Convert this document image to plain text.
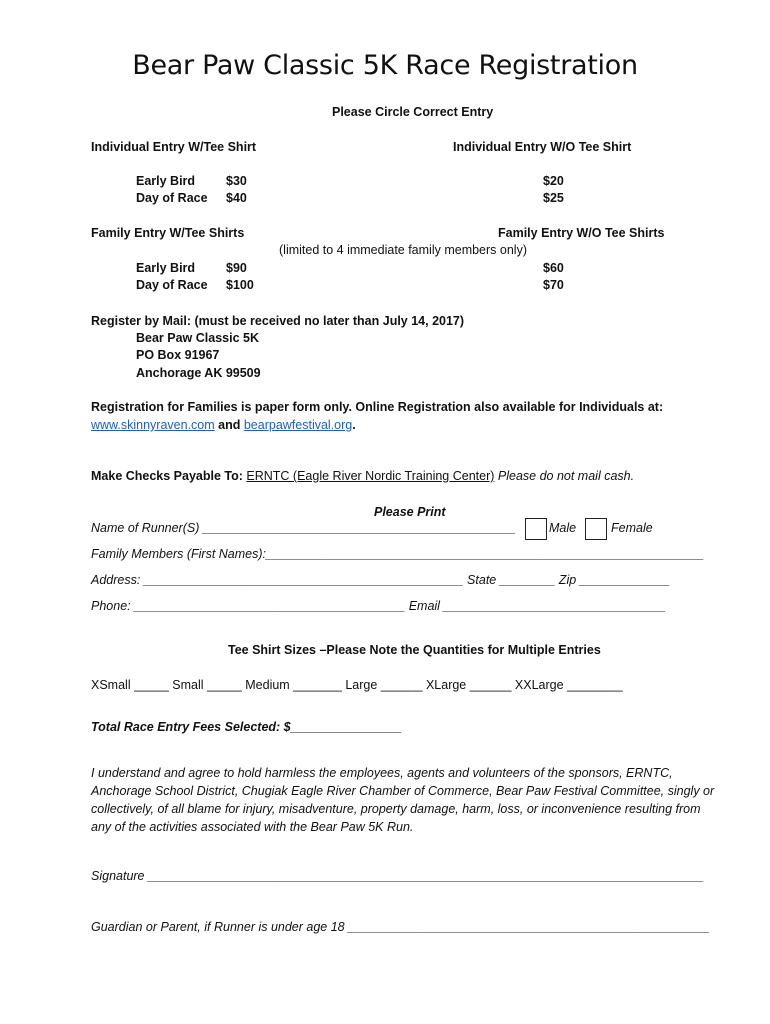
Bear Paw Classic 5K Race Registration
Please Circle Correct Entry
Individual Entry W/Tee Shirt	Individual Entry W/O Tee Shirt
Early Bird $30	$20
Day of Race $40	$25
Family Entry W/Tee Shirts	Family Entry W/O Tee Shirts
(limited to 4 immediate family members only)
Early Bird $90	$60
Day of Race $100	$70
Register by Mail: (must be received no later than July 14, 2017)
Bear Paw Classic 5K
PO Box 91967
Anchorage AK 99509
Registration for Families is paper form only. Online Registration also available for Individuals at:
www.skinnyraven.com and bearpawfestival.org.
Make Checks Payable To: ERNTC (Eagle River Nordic Training Center) Please do not mail cash.
Please Print
Name of Runner(S) _____________________________________________	Male	Female
Family Members (First Names):_______________________________________________________________
Address: ______________________________________________ State ________ Zip _____________
Phone: _______________________________________ Email ________________________________
Tee Shirt Sizes –Please Note the Quantities for Multiple Entries
XSmall _____ Small _____ Medium _______ Large ______ XLarge ______ XXLarge ________
Total Race Entry Fees Selected: $________________
I understand and agree to hold harmless the employees, agents and volunteers of the sponsors, ERNTC, Anchorage School District, Chugiak Eagle River Chamber of Commerce, Bear Paw Festival Committee, singly or collectively, of all blame for injury, misadventure, property damage, harm, loss, or inconvenience resulting from any of the activities associated with the Bear Paw 5K Run.
Signature ________________________________________________________________________________
Guardian or Parent, if Runner is under age 18 ____________________________________________________
